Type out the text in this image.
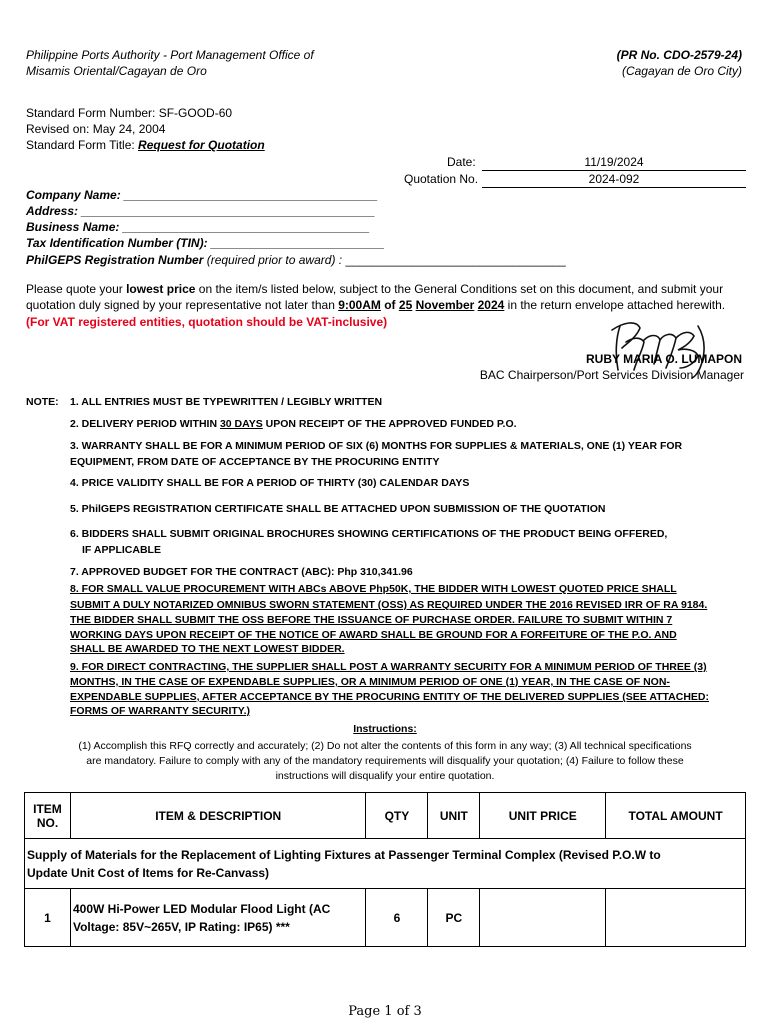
Philippine Ports Authority - Port Management Office of
Misamis Oriental/Cagayan de Oro
(PR No. CDO-2579-24)
(Cagayan de Oro City)
Standard Form Number: SF-GOOD-60
Revised on: May 24, 2004
Standard Form Title: Request for Quotation
Date:	11/19/2024
Quotation No.	2024-092
Company Name: ______________________________________
Address: ____________________________________________
Business Name: _____________________________________
Tax Identification Number (TIN): __________________________
PhilGEPS Registration Number (required prior to award) : _________________________________
Please quote your lowest price on the item/s listed below, subject to the General Conditions set on this document, and submit your
quotation duly signed by your representative not later than 9:00AM of 25 November 2024 in the return envelope attached herewith.
(For VAT registered entities, quotation should be VAT-inclusive)
RUBY MARIA O. LUMAPON
BAC Chairperson/Port Services Division Manager
NOTE: 1. ALL ENTRIES MUST BE TYPEWRITTEN / LEGIBLY WRITTEN
2. DELIVERY PERIOD WITHIN 30 DAYS UPON RECEIPT OF THE APPROVED FUNDED P.O.
3. WARRANTY SHALL BE FOR A MINIMUM PERIOD OF SIX (6) MONTHS FOR SUPPLIES & MATERIALS, ONE (1) YEAR FOR
EQUIPMENT, FROM DATE OF ACCEPTANCE BY THE PROCURING ENTITY
4. PRICE VALIDITY SHALL BE FOR A PERIOD OF THIRTY (30) CALENDAR DAYS
5. PhilGEPS REGISTRATION CERTIFICATE SHALL BE ATTACHED UPON SUBMISSION OF THE QUOTATION
6. BIDDERS SHALL SUBMIT ORIGINAL BROCHURES SHOWING CERTIFICATIONS OF THE PRODUCT BEING OFFERED,
IF APPLICABLE
7. APPROVED BUDGET FOR THE CONTRACT (ABC): Php 310,341.96
8. FOR SMALL VALUE PROCUREMENT WITH ABCs ABOVE Php50K, THE BIDDER WITH LOWEST QUOTED PRICE SHALL
SUBMIT A DULY NOTARIZED OMNIBUS SWORN STATEMENT (OSS) AS REQUIRED UNDER THE 2016 REVISED IRR OF RA 9184.
THE BIDDER SHALL SUBMIT THE OSS BEFORE THE ISSUANCE OF PURCHASE ORDER. FAILURE TO SUBMIT WITHIN 7
WORKING DAYS UPON RECEIPT OF THE NOTICE OF AWARD SHALL BE GROUND FOR A FORFEITURE OF THE P.O. AND
SHALL BE AWARDED TO THE NEXT LOWEST BIDDER.
9. FOR DIRECT CONTRACTING, THE SUPPLIER SHALL POST A WARRANTY SECURITY FOR A MINIMUM PERIOD OF THREE (3)
MONTHS, IN THE CASE OF EXPENDABLE SUPPLIES, OR A MINIMUM PERIOD OF ONE (1) YEAR, IN THE CASE OF NON-
EXPENDABLE SUPPLIES, AFTER ACCEPTANCE BY THE PROCURING ENTITY OF THE DELIVERED SUPPLIES (SEE ATTACHED:
FORMS OF WARRANTY SECURITY.)
Instructions:
(1) Accomplish this RFQ correctly and accurately; (2) Do not alter the contents of this form in any way; (3) All technical specifications
are mandatory. Failure to comply with any of the mandatory requirements will disqualify your quotation; (4) Failure to follow these
instructions will disqualify your entire quotation.
ITEM
NO.	ITEM & DESCRIPTION	QTY	UNIT	UNIT PRICE	TOTAL AMOUNT
Supply of Materials for the Replacement of Lighting Fixtures at Passenger Terminal Complex (Revised P.O.W to
Update Unit Cost of Items for Re-Canvass)					
1	400W Hi-Power LED Modular Flood Light (AC
Voltage: 85V~265V, IP Rating: IP65) ***	6	PC		
Page 1 of 3
